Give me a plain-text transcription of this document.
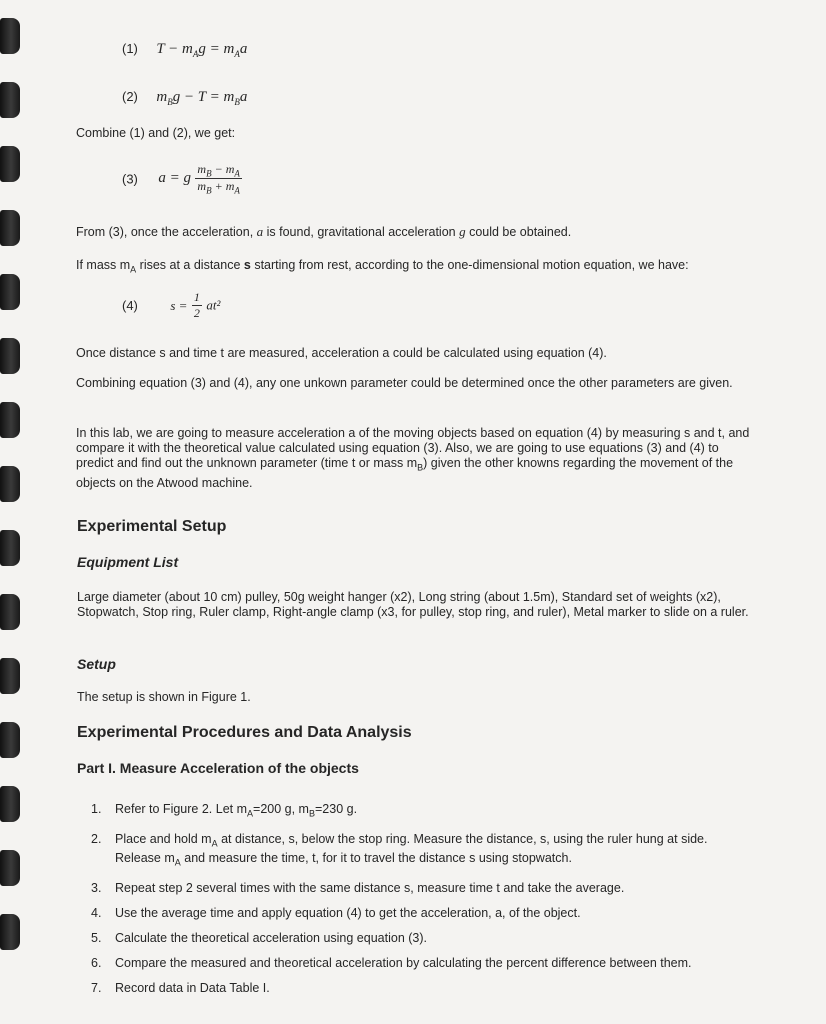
(1) $T - m_Ag = m_Aa$
(2) $m_Bg - T = m_Ba$
Combine (1) and (2), we get:
(3) a = g $\frac{m_B - m_A}{m_B + m_A}$
From (3), once the acceleration, a is found, gravitational acceleration g could be obtained.
If mass $m_A$ rises at a distance s starting from rest, according to the one-dimensional motion equation, we have:
(4) $s = \frac{1}{2} at^2$
Once distance s and time t are measured, acceleration a could be calculated using equation (4).
Combining equation (3) and (4), any one unkown parameter could be determined once the other parameters are given.
In this lab, we are going to measure acceleration a of the moving objects based on equation (4) by measuring s and t, and compare it with the theoretical value calculated using equation (3). Also, we are going to use equations (3) and (4) to predict and find out the unknown parameter (time t or mass $m_B$) given the other knowns regarding the movement of the objects on the Atwood machine.
Experimental Setup
Equipment List
Large diameter (about 10 cm) pulley, 50g weight hanger (x2), Long string (about 1.5m), Standard set of weights (x2), Stopwatch, Stop ring, Ruler clamp, Right-angle clamp (x3, for pulley, stop ring, and ruler), Metal marker to slide on a ruler.
Setup
The setup is shown in Figure 1.
Experimental Procedures and Data Analysis
Part I. Measure Acceleration of the objects
1. Refer to Figure 2. Let $m_A=200$ g, $m_B=230$ g.
2. Place and hold $m_A$ at distance, s, below the stop ring. Measure the distance, s, using the ruler hung at side. Release $m_A$ and measure the time, t, for it to travel the distance s using stopwatch.
3. Repeat step 2 several times with the same distance s, measure time t and take the average.
4. Use the average time and apply equation (4) to get the acceleration, a, of the object.
5. Calculate the theoretical acceleration using equation (3).
6. Compare the measured and theoretical acceleration by calculating the percent difference between them.
7. Record data in Data Table I.
